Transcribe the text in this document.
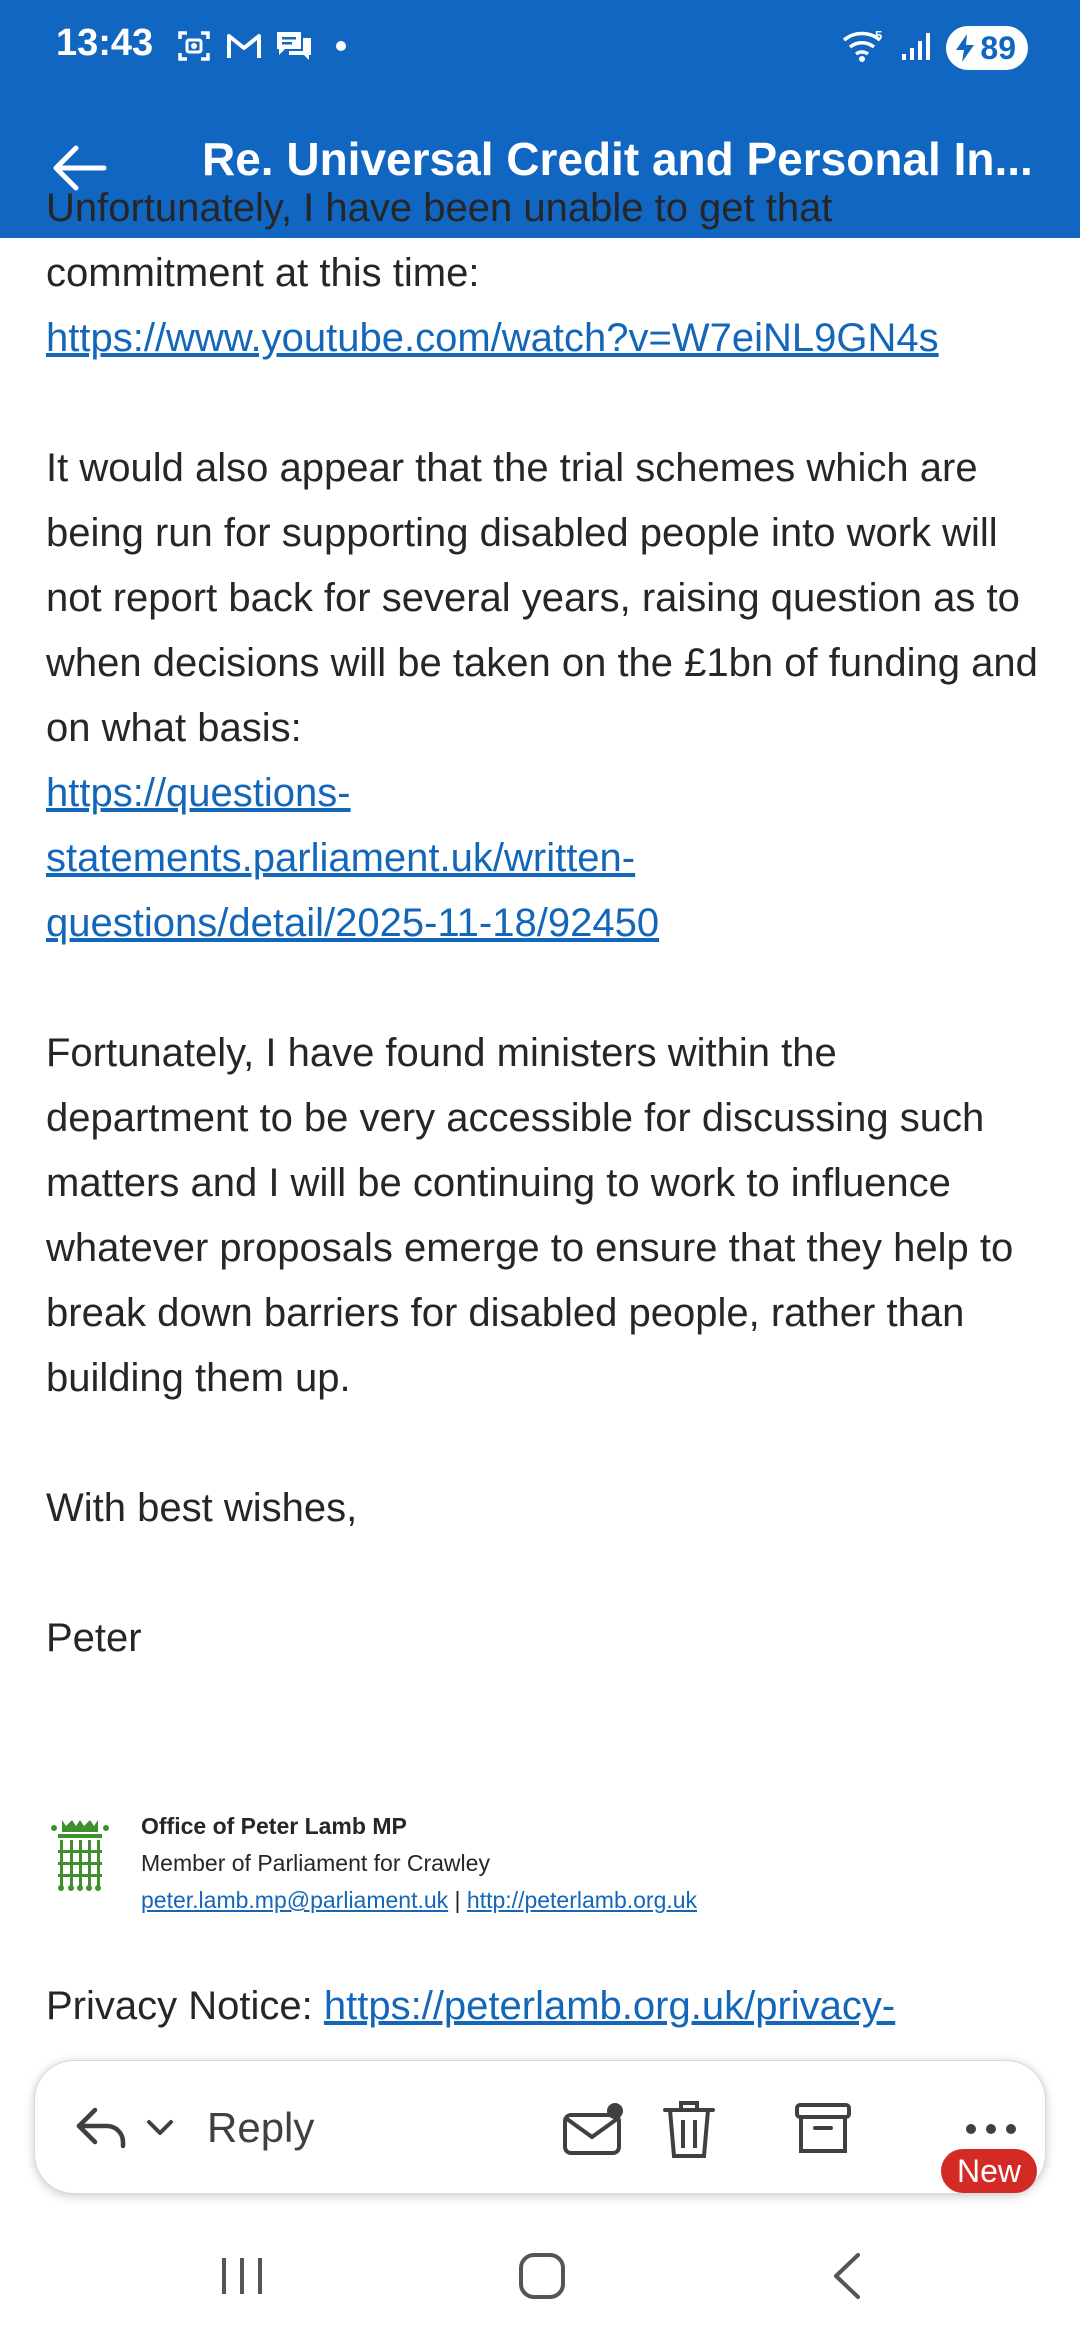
13:43	5	89
Re. Universal Credit and Personal In...

Unfortunately, I have been unable to get that commitment at this time:
https://www.youtube.com/watch?v=W7eiNL9GN4s

It would also appear that the trial schemes which are being run for supporting disabled people into work will not report back for several years, raising question as to when decisions will be taken on the £1bn of funding and on what basis:
https://questions-
statements.parliament.uk/written-
questions/detail/2025-11-18/92450

Fortunately, I have found ministers within the department to be very accessible for discussing such matters and I will be continuing to work to influence whatever proposals emerge to ensure that they help to break down barriers for disabled people, rather than building them up.

With best wishes,

Peter

Office of Peter Lamb MP
Member of Parliament for Crawley
peter.lamb.mp@parliament.uk | http://peterlamb.org.uk
Privacy Notice: https://peterlamb.org.uk/privacy-
Reply
New
